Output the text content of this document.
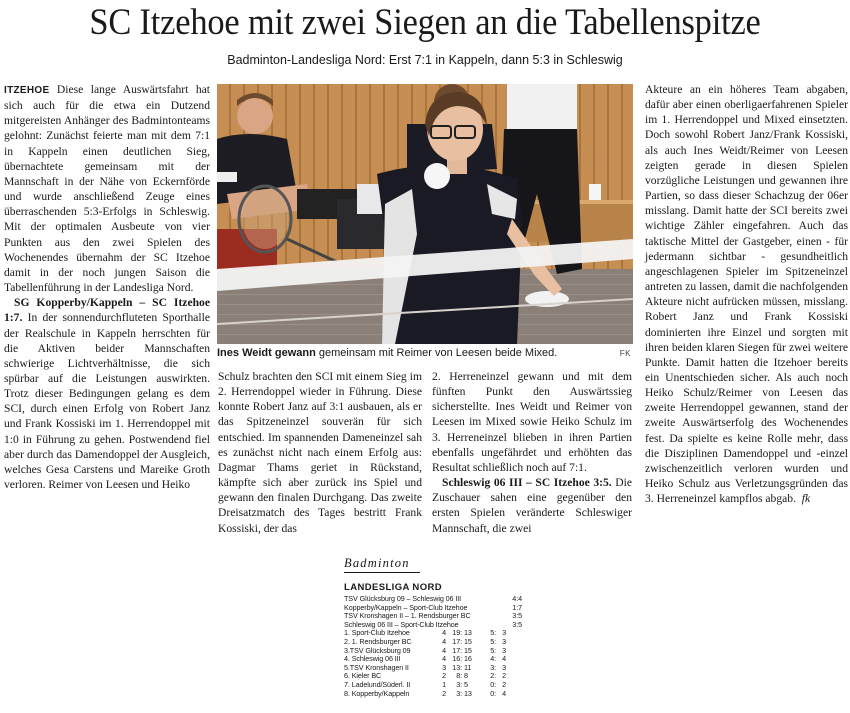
SC Itzehoe mit zwei Siegen an die Tabellenspitze
Badminton-Landesliga Nord: Erst 7:1 in Kappeln, dann 5:3 in Schleswig

ITZEHOE Diese lange Auswärtsfahrt hat sich auch für die etwa ein Dutzend mitgereisten Anhänger des Badmintonteams gelohnt: Zunächst feierte man mit dem 7:1 in Kappeln einen deutlichen Sieg, übernachtete gemeinsam mit der Mannschaft in der Nähe von Eckernförde und wurde anschließend Zeuge eines überraschenden 5:3-Erfolgs in Schleswig. Mit der optimalen Ausbeute von vier Punkten aus den zwei Spielen des Wochenendes übernahm der SC Itzehoe damit in der noch jungen Saison die Tabellenführung in der Landesliga Nord.

SG Kopperby/Kappeln – SC Itzehoe 1:7. In der sonnendurchfluteten Sporthalle der Realschule in Kappeln herrschten für die Aktiven beider Mannschaften schwierige Lichtverhältnisse, die sich spürbar auf die Leistungen auswirkten. Trotz dieser Bedingungen gelang es dem SCI, durch einen Erfolg von Robert Janz und Frank Kossiski im 1. Herrendoppel mit 1:0 in Führung zu gehen. Postwendend fiel aber durch das Damendoppel der Ausgleich, welches Gesa Carstens und Mareike Groth verloren. Reimer von Leesen und Heiko

Ines Weidt gewann gemeinsam mit Reimer von Leesen beide Mixed.	FK

Schulz brachten den SCI mit einem Sieg im 2. Herrendoppel wieder in Führung. Diese konnte Robert Janz auf 3:1 ausbauen, als er das Spitzeneinzel souverän für sich entschied. Im spannenden Dameneinzel sah es zunächst nicht nach einem Erfolg aus: Dagmar Thams geriet in Rückstand, kämpfte sich aber zurück ins Spiel und gewann den finalen Durchgang. Das zweite Dreisatzmatch des Tages bestritt Frank Kossiski, der das

2. Herreneinzel gewann und mit dem fünften Punkt den Auswärtssieg sicherstellte. Ines Weidt und Reimer von Leesen im Mixed sowie Heiko Schulz im 3. Herreneinzel blieben in ihren Partien ebenfalls ungefährdet und erhöhten das Resultat schließlich noch auf 7:1.

Schleswig 06 III – SC Itzehoe 3:5. Die Zuschauer sahen eine gegenüber den ersten Spielen veränderte Schleswiger Mannschaft, die zwei

Akteure an ein höheres Team abgaben, dafür aber einen oberligaerfahrenen Spieler im 1. Herrendoppel und Mixed einsetzten. Doch sowohl Robert Janz/Frank Kossiski, als auch Ines Weidt/Reimer von Leesen zeigten gerade in diesen Spielen vorzügliche Leistungen und gewannen ihre Partien, so dass dieser Schachzug der 06er misslang. Damit hatte der SCI bereits zwei wichtige Zähler eingefahren. Auch das taktische Mittel der Gastgeber, einen - für jedermann sichtbar - gesundheitlich angeschlagenen Spieler im Spitzeneinzel antreten zu lassen, damit die nachfolgenden Akteure nicht aufrücken müssen, misslang. Robert Janz und Frank Kossiski dominierten ihre Einzel und sorgten mit ihren beiden klaren Siegen für zwei weitere Punkte. Damit hatten die Itzehoer bereits ein Unentschieden sicher. Als auch noch Heiko Schulz/Reimer von Leesen das zweite Herrendoppel gewannen, stand der zweite Auswärtserfolg des Wochenendes fest. Da spielte es keine Rolle mehr, dass die Disziplinen Damendoppel und -einzel zwischenzeitlich verloren wurden und Heiko Schulz aus Verletzungsgründen das 3. Herreneinzel kampflos abgab. fk

Badminton
LANDESLIGA NORD
TSV Glücksburg 09 – Schleswig 06 III	4:4
Kopperby/Kappeln – Sport-Club Itzehoe	1:7
TSV Kronshagen II – 1. Rendsburger BC	3:5
Schleswig 06 III – Sport-Club Itzehoe	3:5
1. Sport-Club Itzehoe	4 19: 13	5: 3
2. 1. Rendsburger BC	4 17: 15	5: 3
3.TSV Glücksburg 09	4 17: 15	5: 3
4. Schleswig 06 III	4 16: 16	4: 4
5.TSV Kronshagen II	3 13: 11	3: 3
6. Kieler BC	2	8: 8	2: 2
7. Ladelund/Süderl. II	1	3: 5	0: 2
8. Kopperby/Kappeln	2	3: 13	0: 4
